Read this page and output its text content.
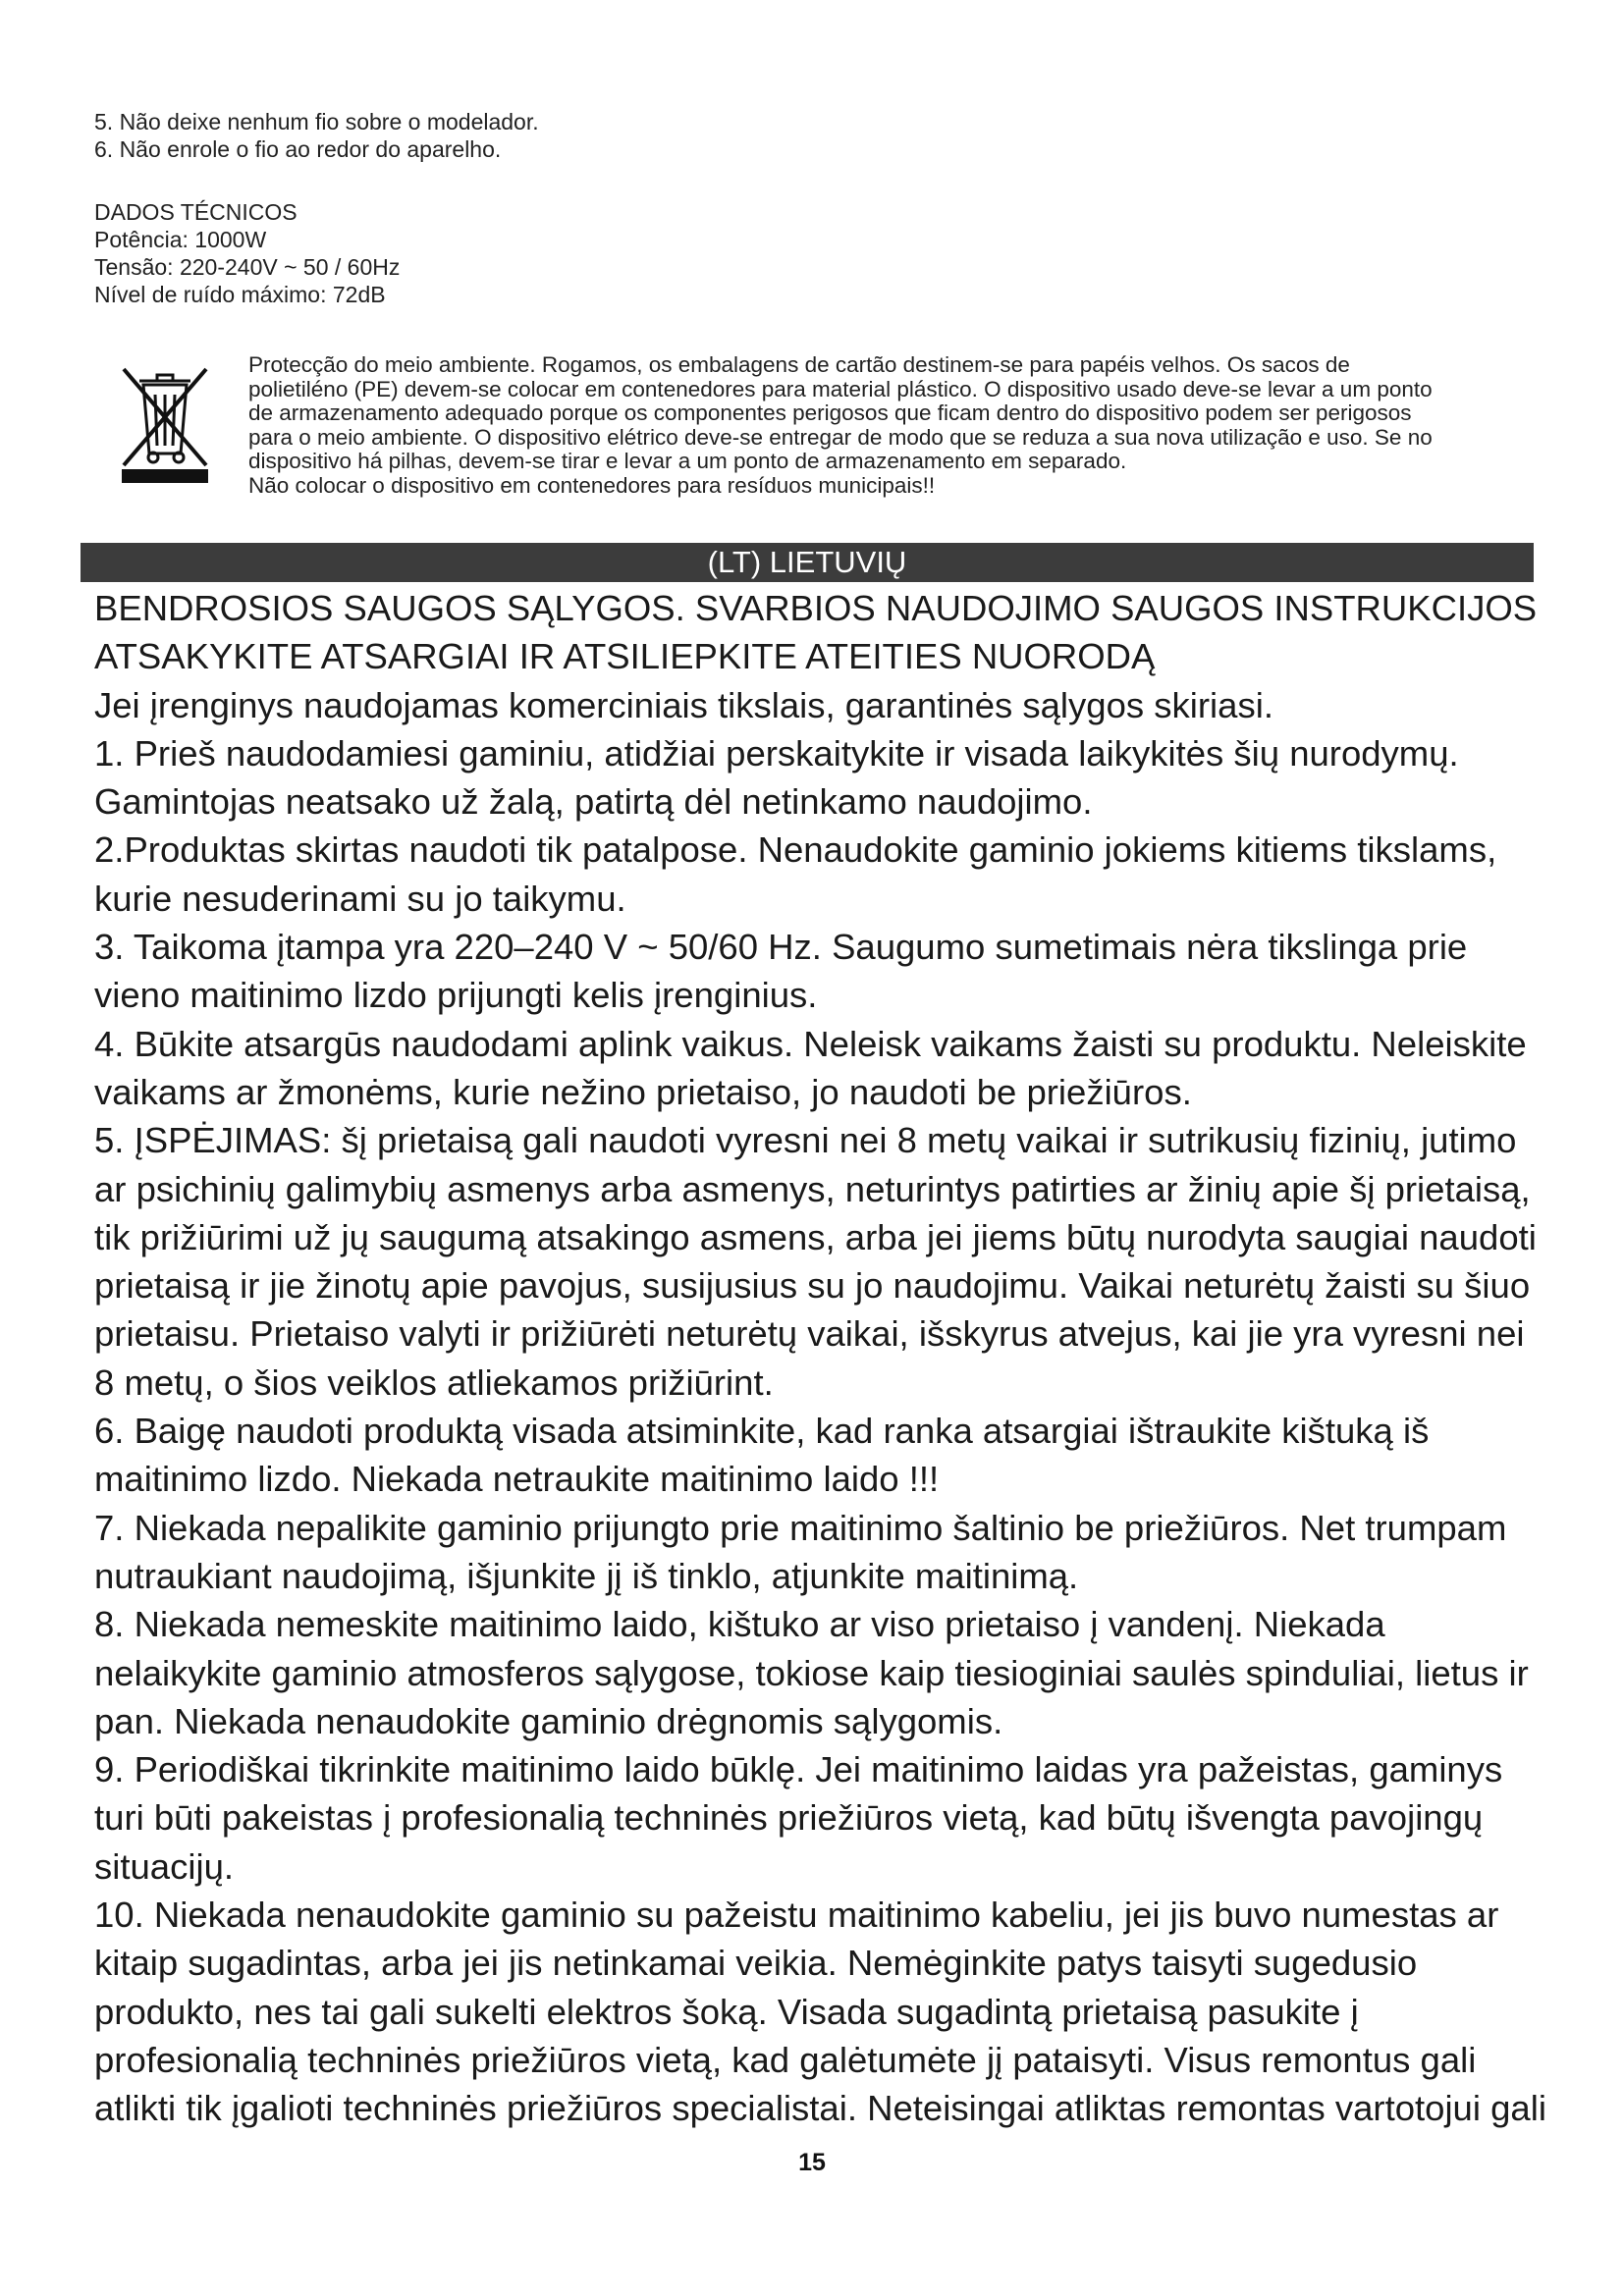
5. Não deixe nenhum fio sobre o modelador.

6. Não enrole o fio ao redor do aparelho.

DADOS TÉCNICOS

Potência: 1000W

Tensão: 220-240V ~ 50 / 60Hz

Nível de ruído máximo: 72dB

Protecção do meio ambiente. Rogamos, os embalagens de cartão destinem-se para papéis velhos. Os sacos de

polietiléno (PE) devem-se colocar em contenedores para material plástico. O dispositivo usado deve-se levar a um ponto

de armazenamento adequado porque os componentes perigosos que ficam dentro do dispositivo podem ser perigosos

para o meio ambiente. O dispositivo elétrico deve-se entregar de modo que se reduza a sua nova utilização e uso. Se no

dispositivo há pilhas, devem-se tirar e levar a um ponto de armazenamento em separado.

Não colocar o dispositivo em contenedores para resíduos municipais!!

(LT) LIETUVIŲ

BENDROSIOS SAUGOS SĄLYGOS. SVARBIOS NAUDOJIMO SAUGOS INSTRUKCIJOS

ATSAKYKITE ATSARGIAI IR ATSILIEPKITE ATEITIES NUORODĄ

Jei įrenginys naudojamas komerciniais tikslais, garantinės sąlygos skiriasi.

1. Prieš naudodamiesi gaminiu, atidžiai perskaitykite ir visada laikykitės šių nurodymų.

Gamintojas neatsako už žalą, patirtą dėl netinkamo naudojimo.

2.Produktas skirtas naudoti tik patalpose. Nenaudokite gaminio jokiems kitiems tikslams,

kurie nesuderinami su jo taikymu.

3. Taikoma įtampa yra 220–240 V ~ 50/60 Hz. Saugumo sumetimais nėra tikslinga prie

vieno maitinimo lizdo prijungti kelis įrenginius.

4. Būkite atsargūs naudodami aplink vaikus. Neleisk vaikams žaisti su produktu. Neleiskite

vaikams ar žmonėms, kurie nežino prietaiso, jo naudoti be priežiūros.

5. ĮSPĖJIMAS: šį prietaisą gali naudoti vyresni nei 8 metų vaikai ir sutrikusių fizinių, jutimo

ar psichinių galimybių asmenys arba asmenys, neturintys patirties ar žinių apie šį prietaisą,

tik prižiūrimi už jų saugumą atsakingo asmens, arba jei jiems būtų nurodyta saugiai naudoti

prietaisą ir jie žinotų apie pavojus, susijusius su jo naudojimu. Vaikai neturėtų žaisti su šiuo

prietaisu. Prietaiso valyti ir prižiūrėti neturėtų vaikai, išskyrus atvejus, kai jie yra vyresni nei

8 metų, o šios veiklos atliekamos prižiūrint.

6. Baigę naudoti produktą visada atsiminkite, kad ranka atsargiai ištraukite kištuką iš

maitinimo lizdo. Niekada netraukite maitinimo laido !!!

7. Niekada nepalikite gaminio prijungto prie maitinimo šaltinio be priežiūros. Net trumpam

nutraukiant naudojimą, išjunkite jį iš tinklo, atjunkite maitinimą.

8. Niekada nemeskite maitinimo laido, kištuko ar viso prietaiso į vandenį. Niekada

nelaikykite gaminio atmosferos sąlygose, tokiose kaip tiesioginiai saulės spinduliai, lietus ir

pan. Niekada nenaudokite gaminio drėgnomis sąlygomis.

9. Periodiškai tikrinkite maitinimo laido būklę. Jei maitinimo laidas yra pažeistas, gaminys

turi būti pakeistas į profesionalią techninės priežiūros vietą, kad būtų išvengta pavojingų

situacijų.

10. Niekada nenaudokite gaminio su pažeistu maitinimo kabeliu, jei jis buvo numestas ar

kitaip sugadintas, arba jei jis netinkamai veikia. Nemėginkite patys taisyti sugedusio

produkto, nes tai gali sukelti elektros šoką. Visada sugadintą prietaisą pasukite į

profesionalią techninės priežiūros vietą, kad galėtumėte jį pataisyti. Visus remontus gali

atlikti tik įgalioti techninės priežiūros specialistai. Neteisingai atliktas remontas vartotojui gali

15
